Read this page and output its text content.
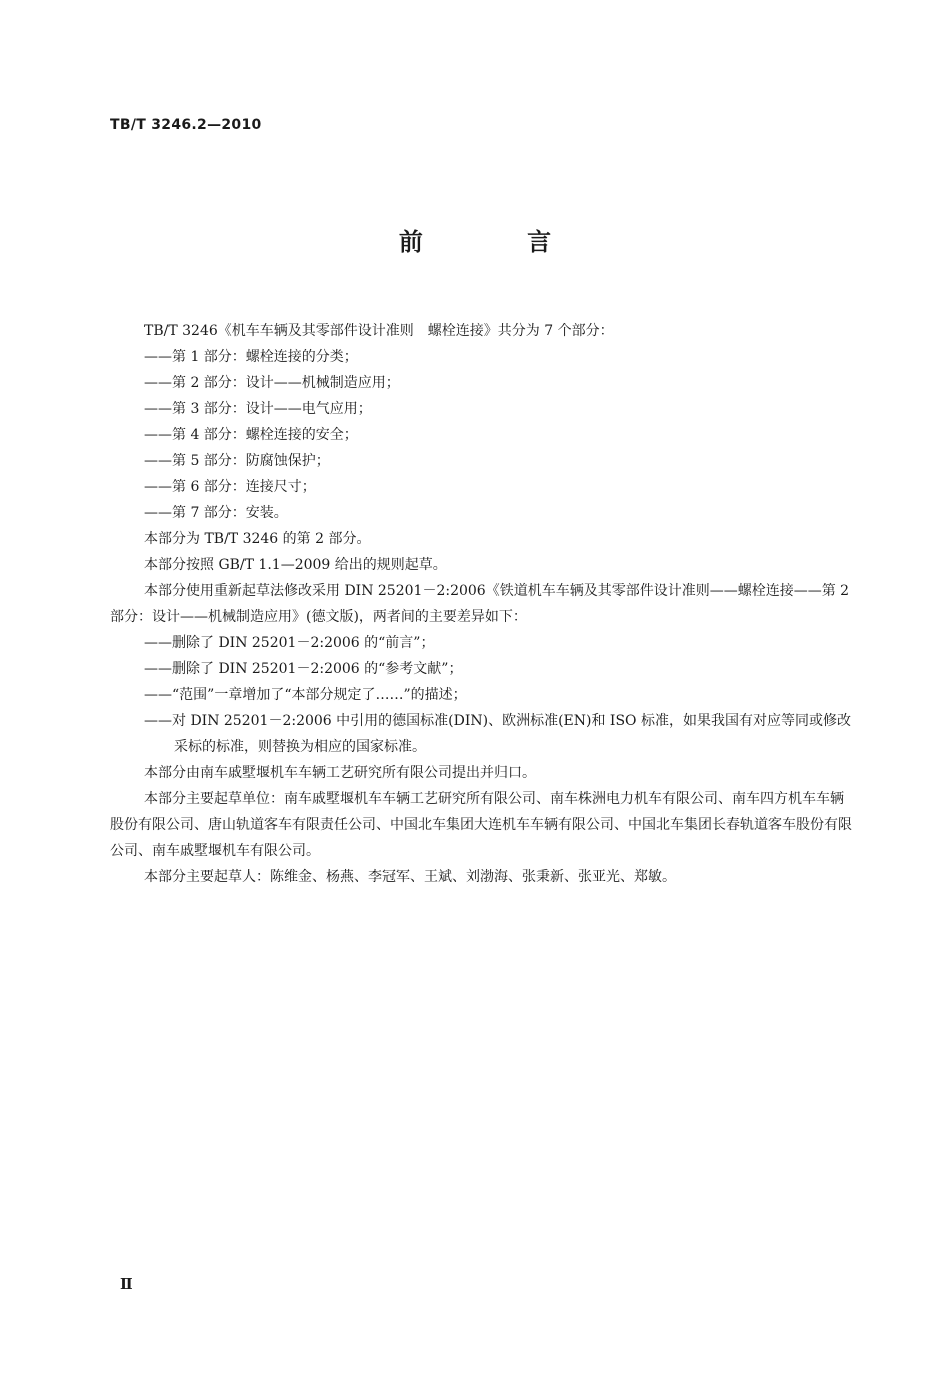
TB/T 3246.2—2010
前 言

TB/T 3246《机车车辆及其零部件设计准则　螺栓连接》共分为 7 个部分：

——第 1 部分：螺栓连接的分类；

——第 2 部分：设计——机械制造应用；

——第 3 部分：设计——电气应用；

——第 4 部分：螺栓连接的安全；

——第 5 部分：防腐蚀保护；

——第 6 部分：连接尺寸；

——第 7 部分：安装。

本部分为 TB/T 3246 的第 2 部分。

本部分按照 GB/T 1.1—2009 给出的规则起草。

本部分使用重新起草法修改采用 DIN 25201－2:2006《铁道机车车辆及其零部件设计准则——螺栓连接——第 2 部分：设计——机械制造应用》(德文版)，两者间的主要差异如下：

——删除了 DIN 25201－2:2006 的“前言”；

——删除了 DIN 25201－2:2006 的“参考文献”；

——“范围”一章增加了“本部分规定了……”的描述；

——对 DIN 25201－2:2006 中引用的德国标准(DIN)、欧洲标准(EN)和 ISO 标准，如果我国有对应等同或修改采标的标准，则替换为相应的国家标准。

本部分由南车戚墅堰机车车辆工艺研究所有限公司提出并归口。

本部分主要起草单位：南车戚墅堰机车车辆工艺研究所有限公司、南车株洲电力机车有限公司、南车四方机车车辆股份有限公司、唐山轨道客车有限责任公司、中国北车集团大连机车车辆有限公司、中国北车集团长春轨道客车股份有限公司、南车戚墅堰机车有限公司。

本部分主要起草人：陈维金、杨燕、李冠军、王斌、刘渤海、张秉新、张亚光、郑敏。

Ⅱ
